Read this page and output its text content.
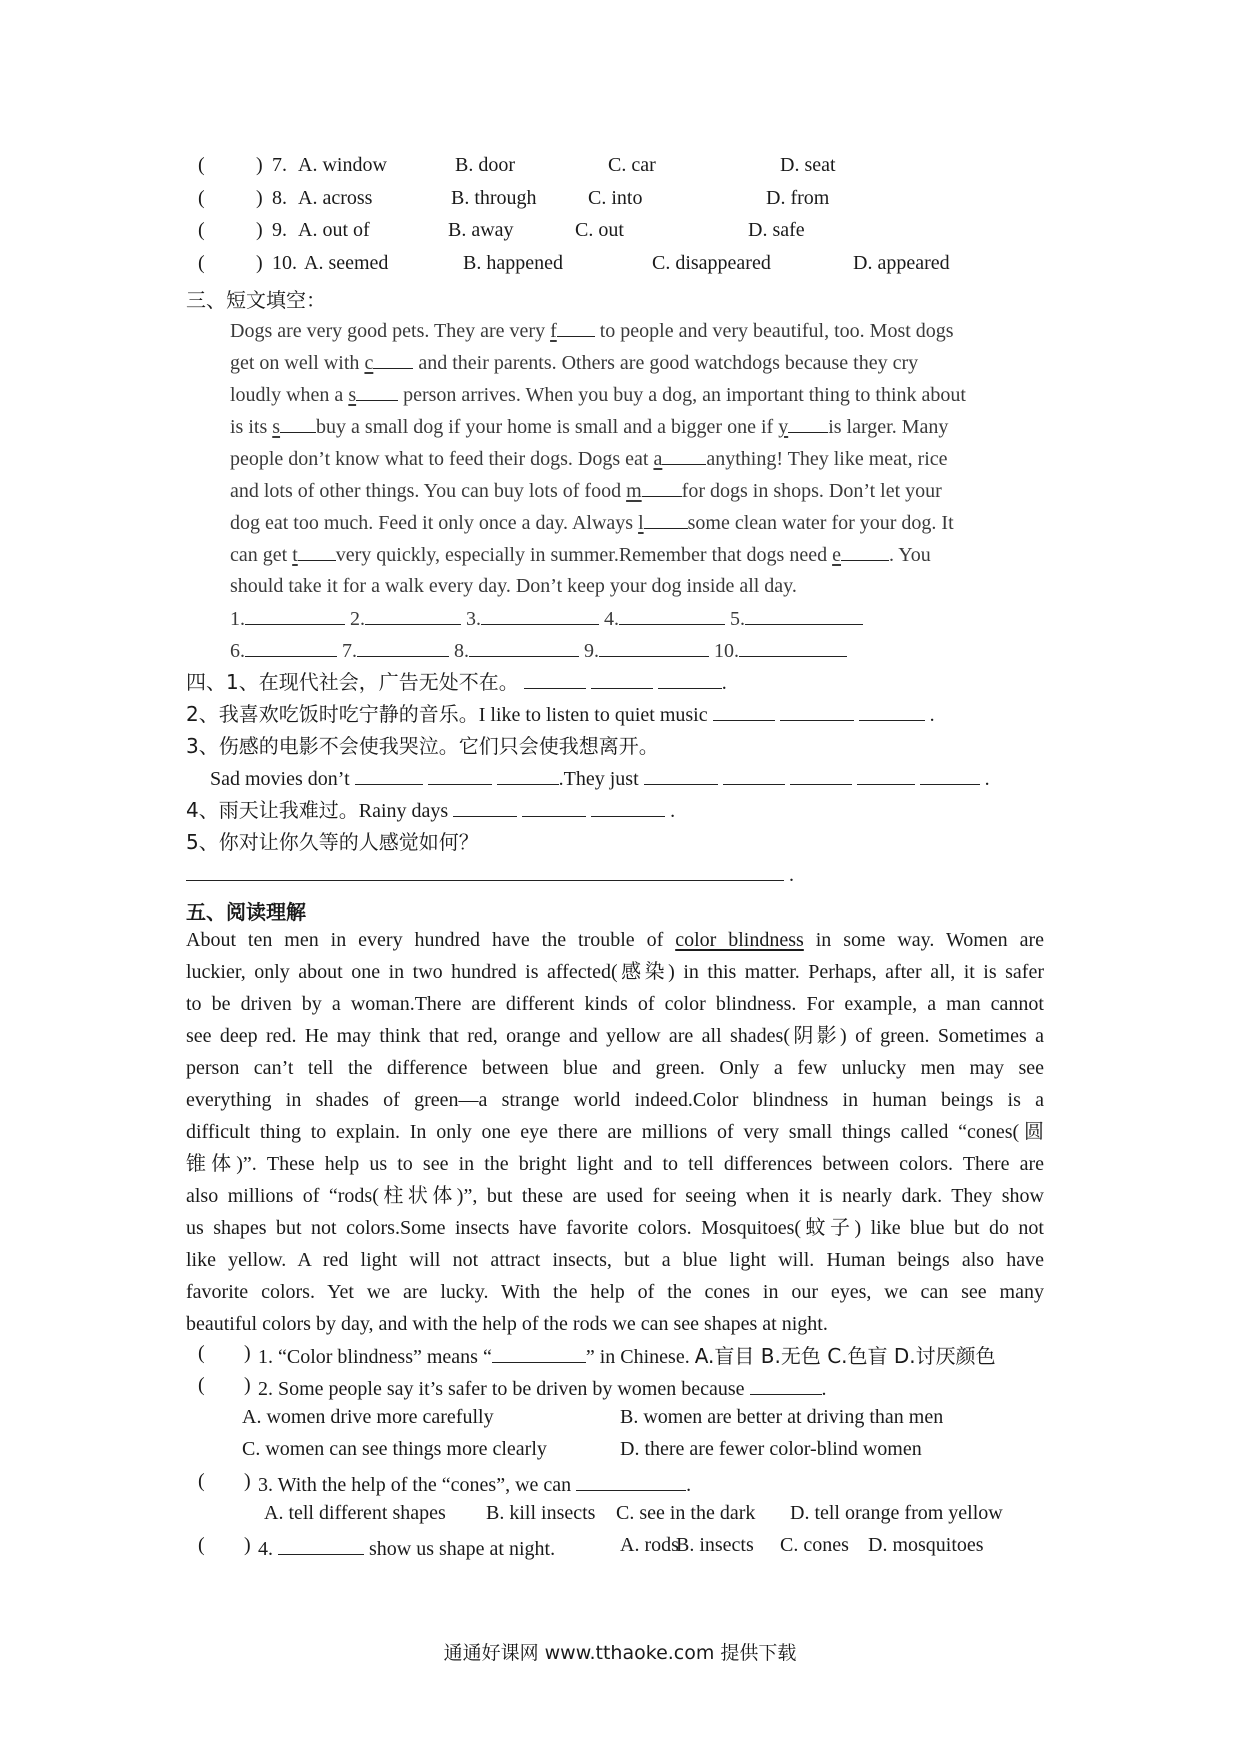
(	) 7. A. window	B. door	C. car	D. seat
(	) 8. A. across	B. through	C. into	D. from
(	) 9. A. out of	B. away	C. out	D. safe
(	) 10. A. seemed	B. happened	C. disappeared	D. appeared
三、短文填空：
Dogs are very good pets. They are very f to people and very beautiful, too. Most dogs
get on well with c and their parents. Others are good watchdogs because they cry
loudly when a s person arrives. When you buy a dog, an important thing to think about
is its s buy a small dog if your home is small and a bigger one if y is larger. Many
people don’t know what to feed their dogs. Dogs eat a anything! They like meat, rice
and lots of other things. You can buy lots of food m for dogs in shops. Don’t let your
dog eat too much. Feed it only once a day. Always l some clean water for your dog. It
can get t very quickly, especially in summer.Remember that dogs need e . You
should take it for a walk every day. Don’t keep your dog inside all day.
1.	2.	3.	4.	5.
6.	7.	8.	9.	10.
四、1、在现代社会，广告无处不在。	.
2、我喜欢吃饭时吃宁静的音乐。I like to listen to quiet music	.
3、伤感的电影不会使我哭泣。它们只会使我想离开。
Sad movies don’t	.They just	.
4、雨天让我难过。Rainy days	.
5、你对让你久等的人感觉如何？
.
五、阅读理解
About ten men in every hundred have the trouble of color blindness in some way. Women are
luckier, only about one in two hundred is affected(感染) in this matter. Perhaps, after all, it is safer
to be driven by a woman.There are different kinds of color blindness. For example, a man cannot
see deep red. He may think that red, orange and yellow are all shades(阴影) of green. Sometimes a
person can’t tell the difference between blue and green. Only a few unlucky men may see
everything in shades of green—a strange world indeed.Color blindness in human beings is a
difficult thing to explain. In only one eye there are millions of very small things called “cones(圆
锥体)”. These help us to see in the bright light and to tell differences between colors. There are
also millions of “rods(柱状体)”, but these are used for seeing when it is nearly dark. They show
us shapes but not colors.Some insects have favorite colors. Mosquitoes(蚊子) like blue but do not
like yellow. A red light will not attract insects, but a blue light will. Human beings also have
favorite colors. Yet we are lucky. With the help of the cones in our eyes, we can see many
beautiful colors by day, and with the help of the rods we can see shapes at night.
( ) 1. “Color blindness” means “	” in Chinese. A.盲目 B.无色 C.色盲 D.讨厌颜色
( ) 2. Some people say it’s safer to be driven by women because	.
A. women drive more carefully	B. women are better at driving than men
C. women can see things more clearly	D. there are fewer color-blind women
( ) 3. With the help of the “cones”, we can	.
A. tell different shapes B. kill insects C. see in the dark D. tell orange from yellow
( ) 4.	show us shape at night.	A. rods
B. insects C. cones D. mosquitoes
通通好课网 www.tthaoke.com 提供下载
